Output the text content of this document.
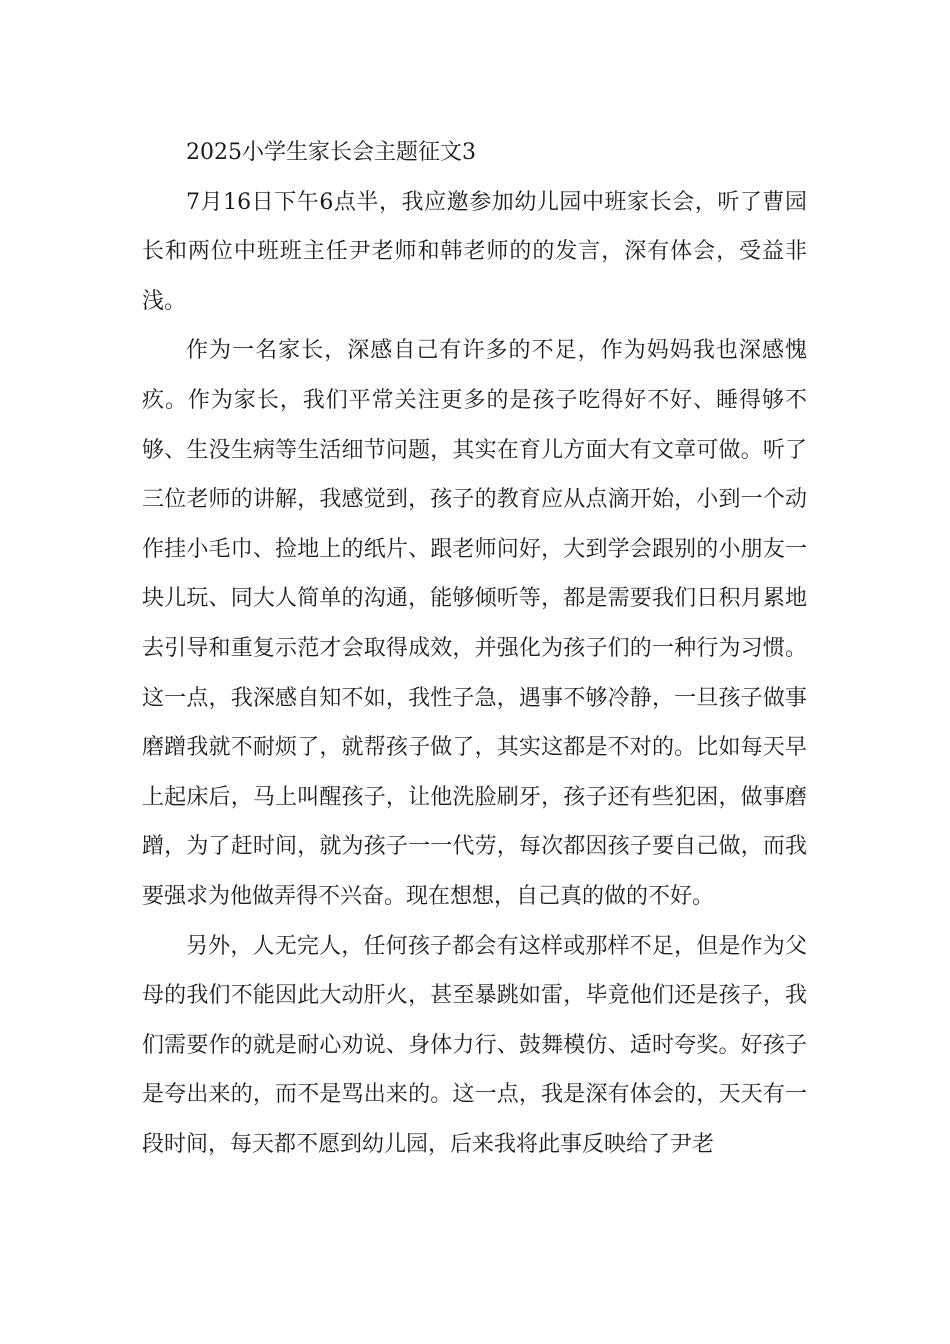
2025小学生家长会主题征文3

7月16日下午6点半，我应邀参加幼儿园中班家长会，听了曹园长和两位中班班主任尹老师和韩老师的的发言，深有体会，受益非浅。

作为一名家长，深感自己有许多的不足，作为妈妈我也深感愧疚。作为家长，我们平常关注更多的是孩子吃得好不好、睡得够不够、生没生病等生活细节问题，其实在育儿方面大有文章可做。听了三位老师的讲解，我感觉到，孩子的教育应从点滴开始，小到一个动作挂小毛巾、捡地上的纸片、跟老师问好，大到学会跟别的小朋友一块儿玩、同大人简单的沟通，能够倾听等，都是需要我们日积月累地去引导和重复示范才会取得成效，并强化为孩子们的一种行为习惯。这一点，我深感自知不如，我性子急，遇事不够冷静，一旦孩子做事磨蹭我就不耐烦了，就帮孩子做了，其实这都是不对的。比如每天早上起床后，马上叫醒孩子，让他洗脸刷牙，孩子还有些犯困，做事磨蹭，为了赶时间，就为孩子一一代劳，每次都因孩子要自己做，而我要强求为他做弄得不兴奋。现在想想，自己真的做的不好。

另外，人无完人，任何孩子都会有这样或那样不足，但是作为父母的我们不能因此大动肝火，甚至暴跳如雷，毕竟他们还是孩子，我们需要作的就是耐心劝说、身体力行、鼓舞模仿、适时夸奖。好孩子是夸出来的，而不是骂出来的。这一点，我是深有体会的，天天有一段时间，每天都不愿到幼儿园，后来我将此事反映给了尹老
